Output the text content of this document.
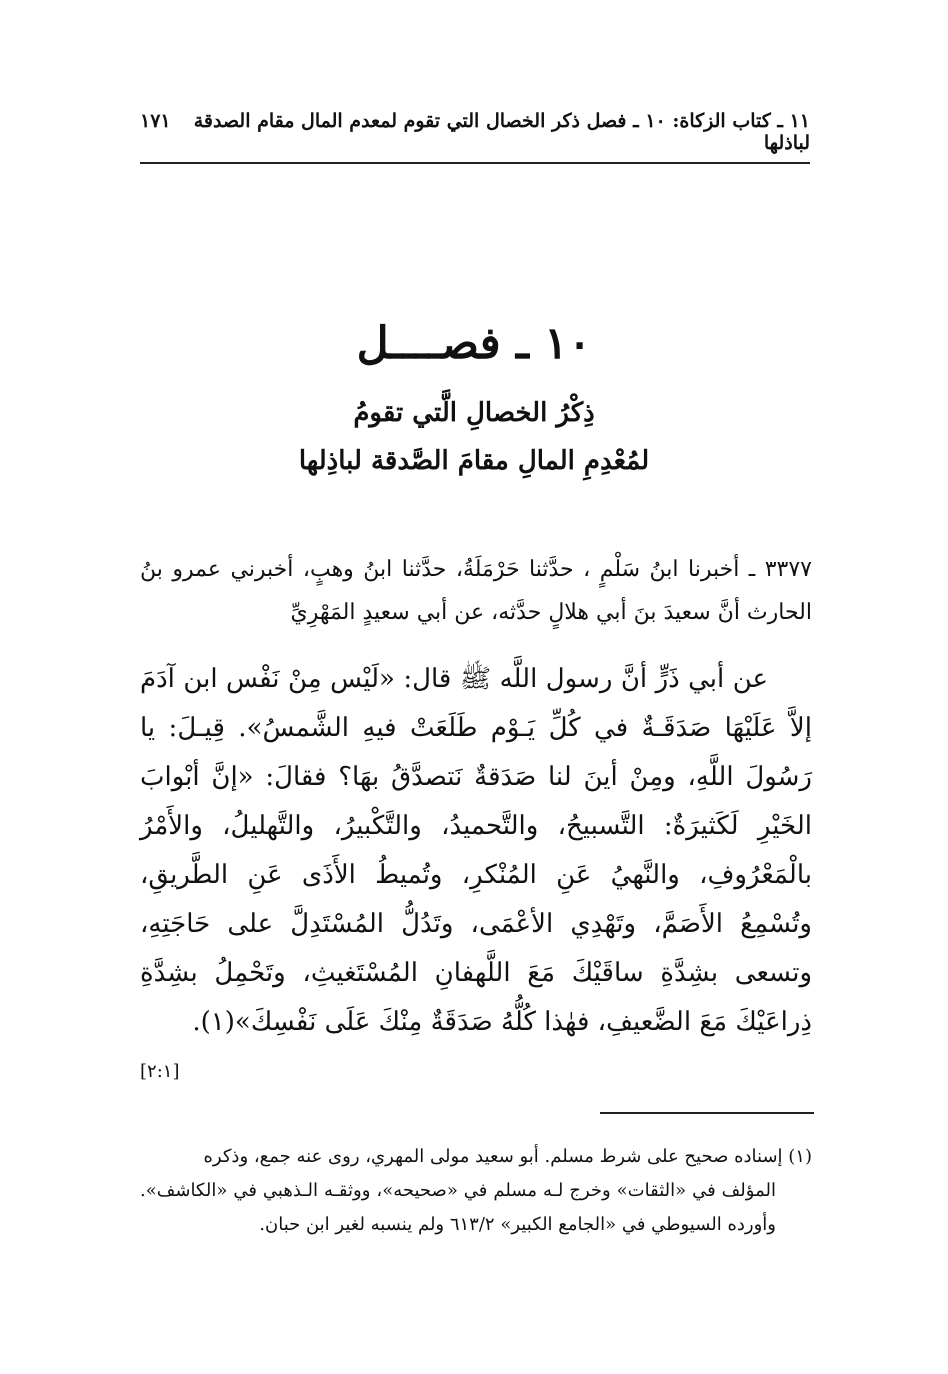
١١ ـ كتاب الزكاة: ١٠ ـ فصل ذكر الخصال التي تقوم لمعدم المال مقام الصدقة لباذلها
١٧١
١٠ ـ فصــــل
ذِكْرُ الخصالِ الَّتي تقومُ
لمُعْدِمِ المالِ مقامَ الصَّدقة لباذِلها
٣٣٧٧ ـ أخبرنا ابنُ سَلْمٍ ، حدَّثنا حَرْمَلَةُ، حدَّثنا ابنُ وهبٍ، أخبرني عمرو بنُ الحارث أنَّ سعيدَ بنَ أبي هلالٍ حدَّثه، عن أبي سعيدٍ المَهْرِيِّ
عن أبي ذَرٍّ أنَّ رسول اللَّه ﷺ قال: «لَيْس مِنْ نَفْس ابن آدَمَ إلاَّ عَلَيْهَا صَدَقَـةٌ في كُلِّ يَـوْم طَلَعَتْ فيهِ الشَّمسُ». قِيـلَ: يا رَسُولَ اللَّهِ، ومِنْ أينَ لنا صَدَقةٌ نَتصدَّقُ بهَا؟ فقالَ: «إنَّ أبْوابَ الخَيْرِ لَكَثيرَةٌ: التَّسبيحُ، والتَّحميدُ، والتَّكْبيرُ، والتَّهليلُ، والأَمْرُ بالْمَعْرُوفِ، والنَّهيُ عَنِ المُنْكرِ، وتُميطُ الأَذَى عَنِ الطَّريقِ، وتُسْمِعُ الأَصَمَّ، وتَهْدِي الأعْمَى، وتَدُلُّ المُسْتَدِلَّ على حَاجَتِهِ، وتسعى بشِدَّةِ ساقَيْكَ مَعَ اللَّهفانِ المُسْتَغيثِ، وتَحْمِلُ بشِدَّةِ ذِراعَيْكَ مَعَ الضَّعيفِ، فهٰذا كُلُّهُ صَدَقَةٌ مِنْكَ عَلَى نَفْسِكَ»(١).
[٢:١]

(١) إسناده صحيح على شرط مسلم. أبو سعيد مولى المهري، روى عنه جمع، وذكره

المؤلف في «الثقات» وخرج لـه مسلم في «صحيحه»، ووثقـه الـذهبي في «الكاشف». وأورده السيوطي في «الجامع الكبير» ٦١٣/٢ ولم ينسبه لغير ابن حبان.
